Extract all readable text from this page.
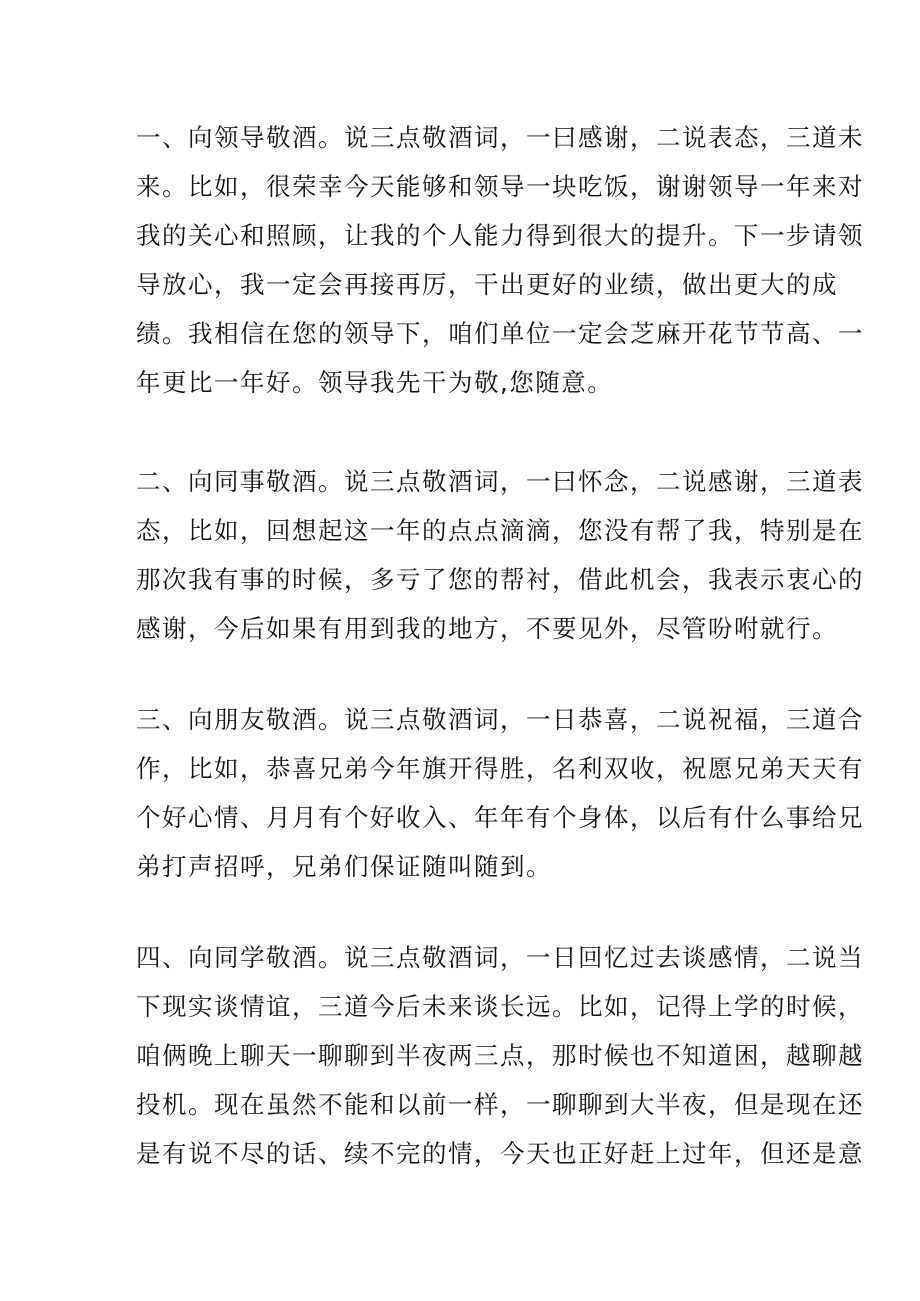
一、向领导敬酒。说三点敬酒词，一曰感谢，二说表态，三道未
来。比如，很荣幸今天能够和领导一块吃饭，谢谢领导一年来对
我的关心和照顾，让我的个人能力得到很大的提升。下一步请领
导放心，我一定会再接再厉，干出更好的业绩，做出更大的成
绩。我相信在您的领导下，咱们单位一定会芝麻开花节节高、一
年更比一年好。领导我先干为敬,您随意。

二、向同事敬酒。说三点敬酒词，一曰怀念，二说感谢，三道表
态，比如，回想起这一年的点点滴滴，您没有帮了我，特别是在
那次我有事的时候，多亏了您的帮衬，借此机会，我表示衷心的
感谢，今后如果有用到我的地方，不要见外，尽管吩咐就行。

三、向朋友敬酒。说三点敬酒词，一日恭喜，二说祝福，三道合
作，比如，恭喜兄弟今年旗开得胜，名利双收，祝愿兄弟天天有
个好心情、月月有个好收入、年年有个身体，以后有什么事给兄
弟打声招呼，兄弟们保证随叫随到。

四、向同学敬酒。说三点敬酒词，一日回忆过去谈感情，二说当
下现实谈情谊，三道今后未来谈长远。比如，记得上学的时候，
咱俩晚上聊天一聊聊到半夜两三点，那时候也不知道困，越聊越
投机。现在虽然不能和以前一样，一聊聊到大半夜，但是现在还
是有说不尽的话、续不完的情，今天也正好赶上过年，但还是意
